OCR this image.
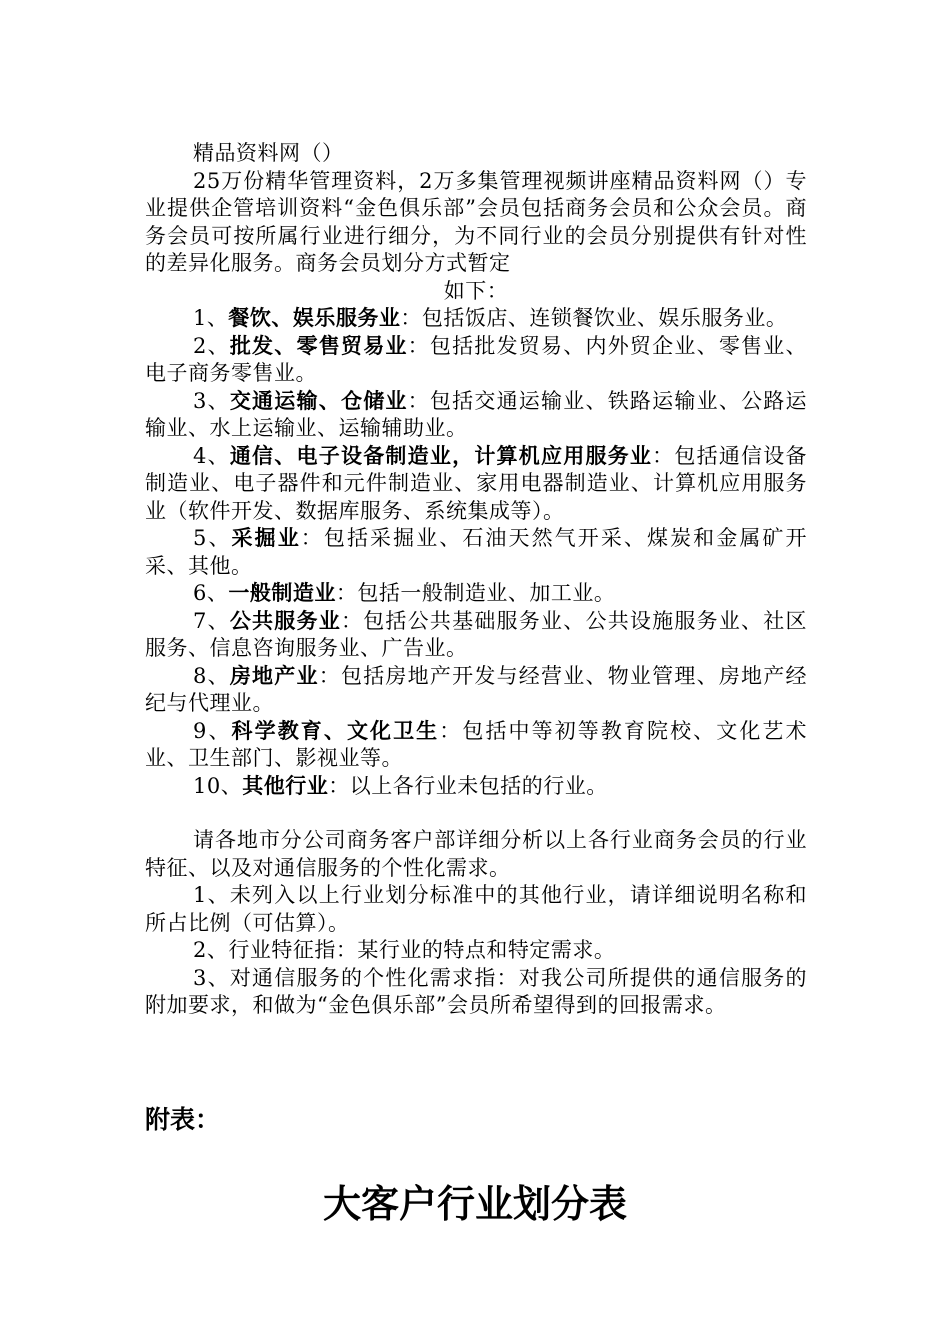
精品资料网（）

25万份精华管理资料，2万多集管理视频讲座精品资料网（）专业提供企管培训资料“金色俱乐部”会员包括商务会员和公众会员。商务会员可按所属行业进行细分，为不同行业的会员分别提供有针对性的差异化服务。商务会员划分方式暂定

如下：

1、餐饮、娱乐服务业：包括饭店、连锁餐饮业、娱乐服务业。

2、批发、零售贸易业：包括批发贸易、内外贸企业、零售业、电子商务零售业。

3、交通运输、仓储业：包括交通运输业、铁路运输业、公路运输业、水上运输业、运输辅助业。

4、通信、电子设备制造业，计算机应用服务业：包括通信设备制造业、电子器件和元件制造业、家用电器制造业、计算机应用服务业（软件开发、数据库服务、系统集成等）。

5、采掘业：包括采掘业、石油天然气开采、煤炭和金属矿开采、其他。

6、一般制造业：包括一般制造业、加工业。

7、公共服务业：包括公共基础服务业、公共设施服务业、社区服务、信息咨询服务业、广告业。

8、房地产业：包括房地产开发与经营业、物业管理、房地产经纪与代理业。

9、科学教育、文化卫生：包括中等初等教育院校、文化艺术业、卫生部门、影视业等。

10、其他行业：以上各行业未包括的行业。

请各地市分公司商务客户部详细分析以上各行业商务会员的行业特征、以及对通信服务的个性化需求。

1、未列入以上行业划分标准中的其他行业，请详细说明名称和所占比例（可估算）。

2、行业特征指：某行业的特点和特定需求。

3、对通信服务的个性化需求指：对我公司所提供的通信服务的附加要求，和做为“金色俱乐部”会员所希望得到的回报需求。

附表：
大客户行业划分表
